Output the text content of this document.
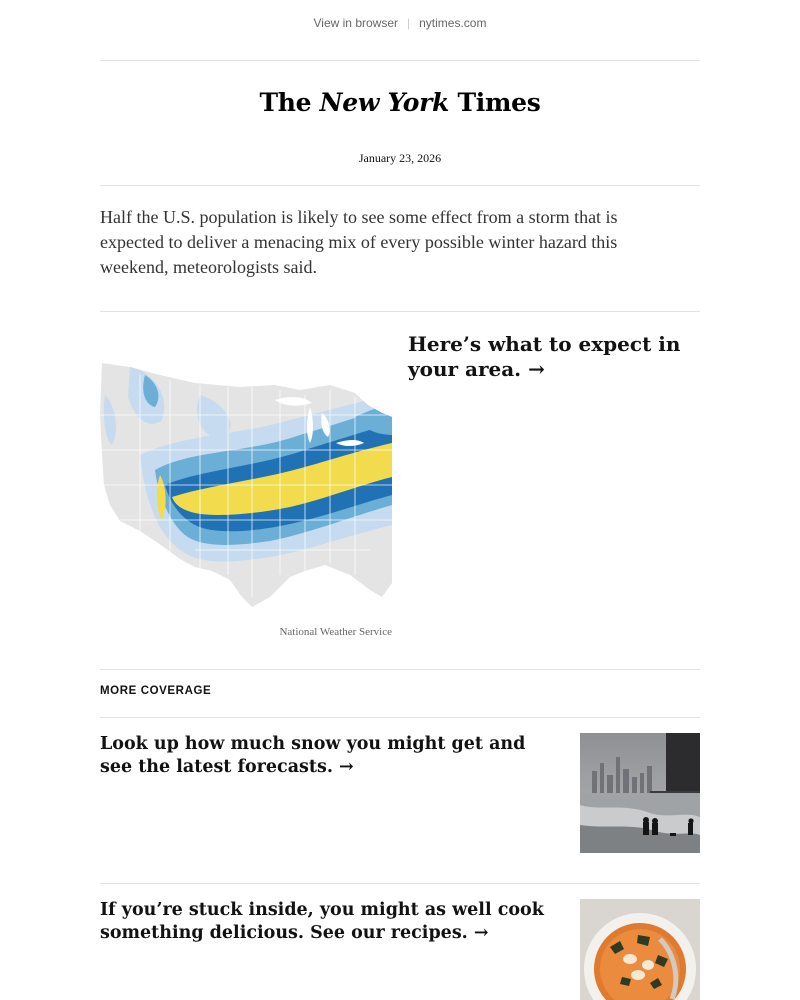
View in browser | nytimes.com
The New York Times
January 23, 2026

Half the U.S. population is likely to see some effect from a storm that is expected to deliver a menacing mix of every possible winter hazard this weekend, meteorologists said.

National Weather Service
Here’s what to expect in your area. →
MORE COVERAGE
Look up how much snow you might get and see the latest forecasts. →
If you’re stuck inside, you might as well cook something delicious. See our recipes. →
